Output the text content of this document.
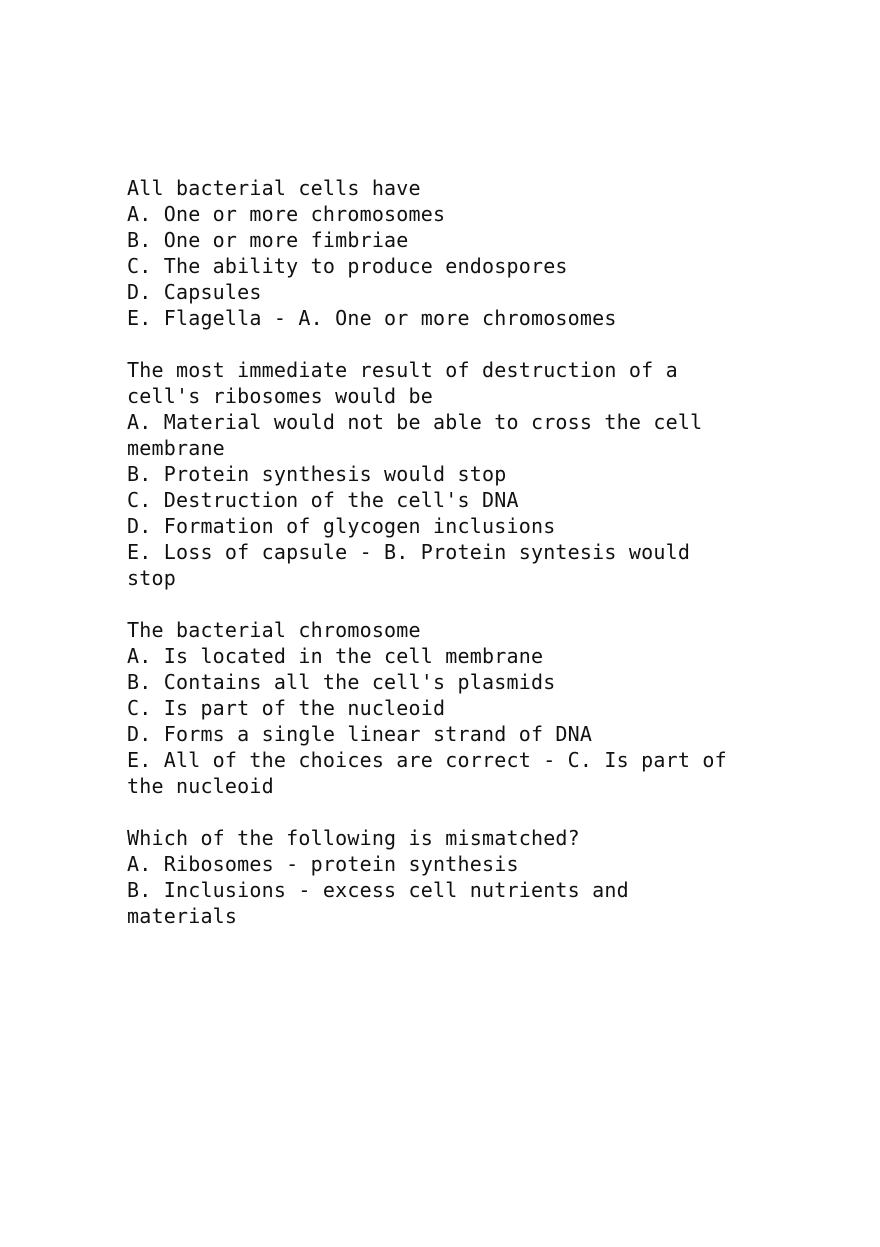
All bacterial cells have
A. One or more chromosomes
B. One or more fimbriae
C. The ability to produce endospores
D. Capsules
E. Flagella - A. One or more chromosomes
The most immediate result of destruction of a
cell's ribosomes would be
A. Material would not be able to cross the cell
membrane
B. Protein synthesis would stop
C. Destruction of the cell's DNA
D. Formation of glycogen inclusions
E. Loss of capsule - B. Protein syntesis would
stop
The bacterial chromosome
A. Is located in the cell membrane
B. Contains all the cell's plasmids
C. Is part of the nucleoid
D. Forms a single linear strand of DNA
E. All of the choices are correct - C. Is part of
the nucleoid
Which of the following is mismatched?
A. Ribosomes - protein synthesis
B. Inclusions - excess cell nutrients and
materials
